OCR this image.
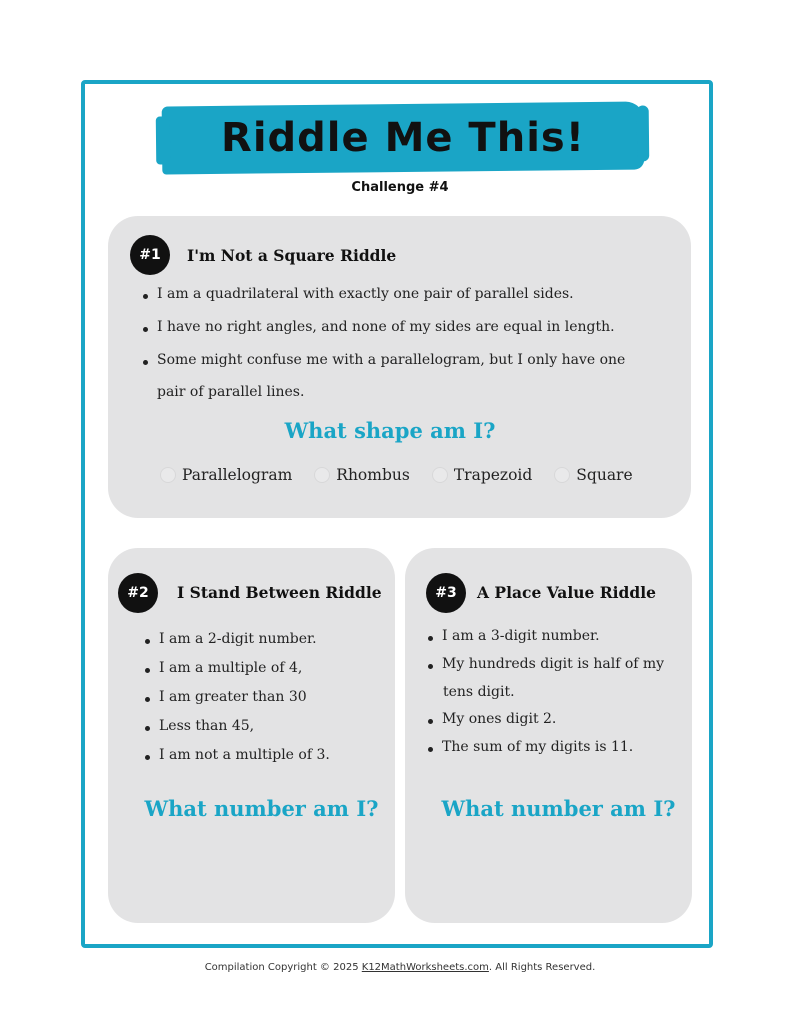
Riddle Me This!
Challenge #4
#1	I'm Not a Square Riddle
I am a quadrilateral with exactly one pair of parallel sides.
I have no right angles, and none of my sides are equal in length.
Some might confuse me with a parallelogram, but I only have one
pair of parallel lines.
What shape am I?
Parallelogram	Rhombus	Trapezoid	Square
#2	I Stand Between Riddle
I am a 2-digit number.
I am a multiple of 4,
I am greater than 30
Less than 45,
I am not a multiple of 3.
What number am I?
#3	A Place Value Riddle
I am a 3-digit number.
My hundreds digit is half of my
tens digit.
My ones digit 2.
The sum of my digits is 11.
What number am I?
Compilation Copyright © 2025 K12MathWorksheets.com. All Rights Reserved.
